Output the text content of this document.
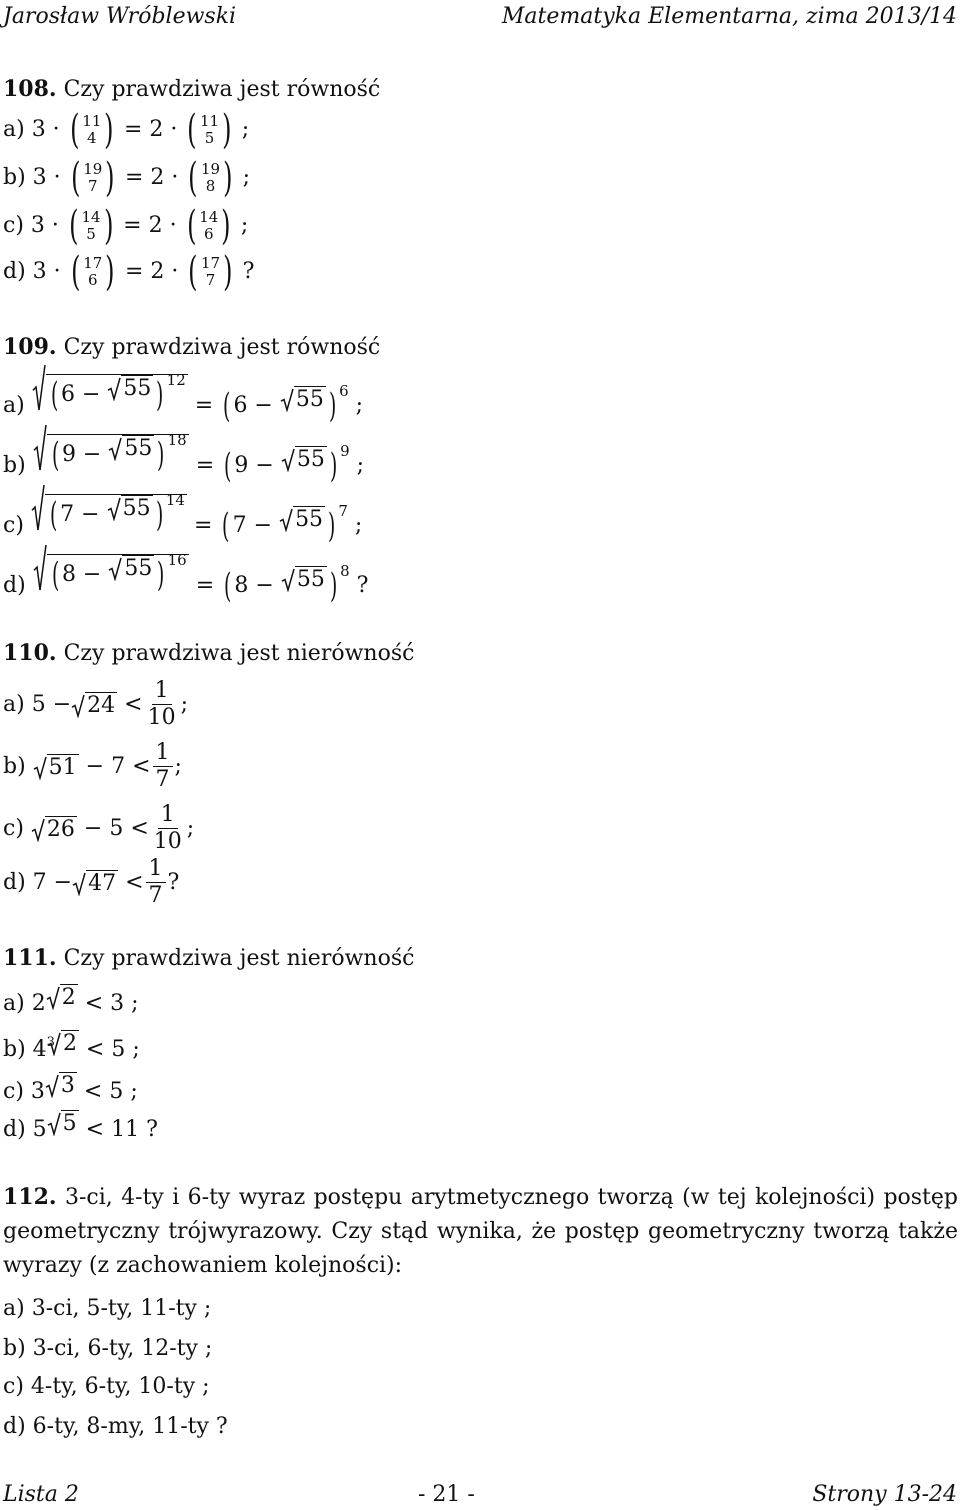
Jarosław Wróblewski	Matematyka Elementarna, zima 2013/14
108. Czy prawdziwa jest równość
a) 3 · ( 11
4 ) = 2 · ( 11
5 ) ;
b) 3 · ( 19
7 ) = 2 · ( 19
8 ) ;
c) 3 · ( 14
5 ) = 2 · ( 14
6 ) ;
d) 3 · ( 17
6 ) = 2 · ( 17
7 ) ?
109. Czy prawdziwa jest równość
a) ( 6 − 55 ) $^{12}$
= ( 6 − 55 ) $^6$ ;
b) ( 9 − 55 ) $^{18}$
= ( 9 − 55 ) $^9$ ;
c) ( 7 − 55 ) $^{14}$
= ( 7 − 55 ) $^7$ ;
d) ( 8 − 55 ) $^{16}$
= ( 8 − 55 ) $^8$ ?
110. Czy prawdziwa jest nierówność
a) $5 - 24 < \frac{1}{10}$ ;
b) $51 - 7 < \frac{1}{7}$ ;
c) $26 - 5 < \frac{1}{10}$ ;
d) $7 - 47 < \frac{1}{7}$ ?
111. Czy prawdziwa jest nierówność
a) 2 2 < 3 ;
b) $4^3$ 2 < 5 ;
c) 3 3 < 5 ;
d) 5 5 < 11 ?
112. 3-ci, 4-ty i 6-ty wyraz postępu arytmetycznego tworzą (w tej kolejności) postęp geometryczny trójwyrazowy. Czy stąd wynika, że postęp geometryczny tworzą także wyrazy (z zachowaniem kolejności):
a) 3-ci, 5-ty, 11-ty ;
b) 3-ci, 6-ty, 12-ty ;
c) 4-ty, 6-ty, 10-ty ;
d) 6-ty, 8-my, 11-ty ?
Lista 2	- 21 -	Strony 13-24
